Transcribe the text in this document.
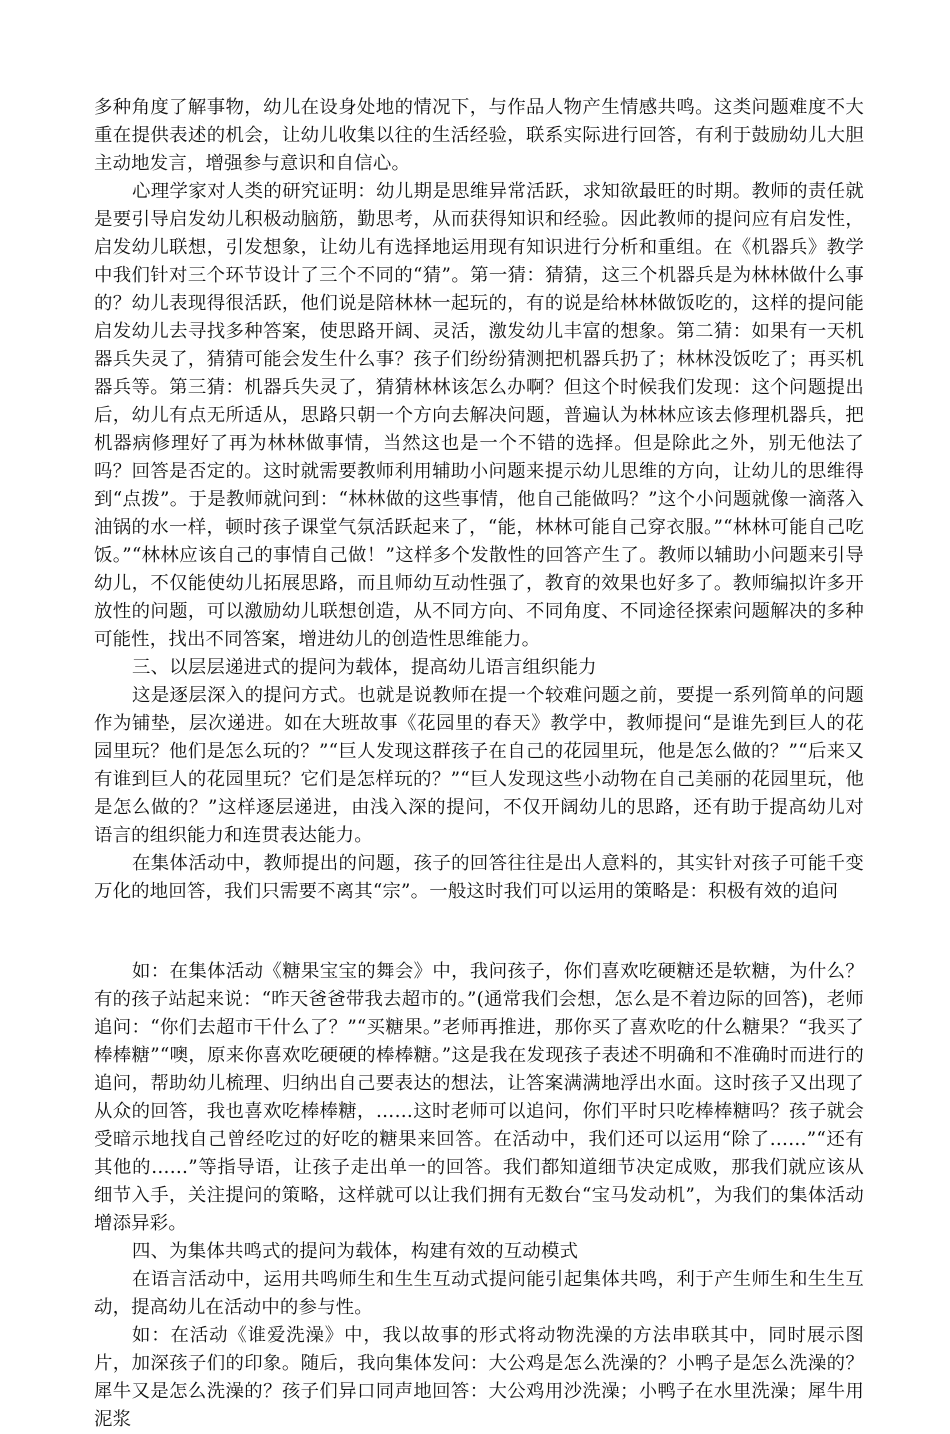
多种角度了解事物，幼儿在设身处地的情况下，与作品人物产生情感共鸣。这类问题难度不大重在提供表述的机会，让幼儿收集以往的生活经验，联系实际进行回答，有利于鼓励幼儿大胆主动地发言，增强参与意识和自信心。

心理学家对人类的研究证明：幼儿期是思维异常活跃，求知欲最旺的时期。教师的责任就是要引导启发幼儿积极动脑筋，勤思考，从而获得知识和经验。因此教师的提问应有启发性，启发幼儿联想，引发想象，让幼儿有选择地运用现有知识进行分析和重组。在《机器兵》教学中我们针对三个环节设计了三个不同的“猜”。第一猜：猜猜，这三个机器兵是为林林做什么事的？幼儿表现得很活跃，他们说是陪林林一起玩的，有的说是给林林做饭吃的，这样的提问能启发幼儿去寻找多种答案，使思路开阔、灵活，激发幼儿丰富的想象。第二猜：如果有一天机器兵失灵了，猜猜可能会发生什么事？孩子们纷纷猜测把机器兵扔了；林林没饭吃了；再买机器兵等。第三猜：机器兵失灵了，猜猜林林该怎么办啊？但这个时候我们发现：这个问题提出后，幼儿有点无所适从，思路只朝一个方向去解决问题，普遍认为林林应该去修理机器兵，把机器病修理好了再为林林做事情，当然这也是一个不错的选择。但是除此之外，别无他法了吗？回答是否定的。这时就需要教师利用辅助小问题来提示幼儿思维的方向，让幼儿的思维得到“点拨”。于是教师就问到：“林林做的这些事情，他自己能做吗？”这个小问题就像一滴落入油锅的水一样，顿时孩子课堂气氛活跃起来了，“能，林林可能自己穿衣服。”“林林可能自己吃饭。”“林林应该自己的事情自己做！”这样多个发散性的回答产生了。教师以辅助小问题来引导幼儿，不仅能使幼儿拓展思路，而且师幼互动性强了，教育的效果也好多了。教师编拟许多开放性的问题，可以激励幼儿联想创造，从不同方向、不同角度、不同途径探索问题解决的多种可能性，找出不同答案，增进幼儿的创造性思维能力。

三、以层层递进式的提问为载体，提高幼儿语言组织能力

这是逐层深入的提问方式。也就是说教师在提一个较难问题之前，要提一系列简单的问题作为铺垫，层次递进。如在大班故事《花园里的春天》教学中，教师提问“是谁先到巨人的花园里玩？他们是怎么玩的？”“巨人发现这群孩子在自己的花园里玩，他是怎么做的？”“后来又有谁到巨人的花园里玩？它们是怎样玩的？”“巨人发现这些小动物在自己美丽的花园里玩，他是怎么做的？”这样逐层递进，由浅入深的提问，不仅开阔幼儿的思路，还有助于提高幼儿对语言的组织能力和连贯表达能力。

在集体活动中，教师提出的问题，孩子的回答往往是出人意料的，其实针对孩子可能千变万化的地回答，我们只需要不离其“宗”。一般这时我们可以运用的策略是：积极有效的追问

如：在集体活动《糖果宝宝的舞会》中，我问孩子，你们喜欢吃硬糖还是软糖，为什么？有的孩子站起来说：“昨天爸爸带我去超市的。”(通常我们会想，怎么是不着边际的回答)，老师追问：“你们去超市干什么了？”“买糖果。”老师再推进，那你买了喜欢吃的什么糖果？“我买了棒棒糖”“噢，原来你喜欢吃硬硬的棒棒糖。”这是我在发现孩子表述不明确和不准确时而进行的追问，帮助幼儿梳理、归纳出自己要表达的想法，让答案满满地浮出水面。这时孩子又出现了从众的回答，我也喜欢吃棒棒糖，……这时老师可以追问，你们平时只吃棒棒糖吗？孩子就会受暗示地找自己曾经吃过的好吃的糖果来回答。在活动中，我们还可以运用“除了……”“还有其他的……”等指导语，让孩子走出单一的回答。我们都知道细节决定成败，那我们就应该从细节入手，关注提问的策略，这样就可以让我们拥有无数台“宝马发动机”，为我们的集体活动增添异彩。

四、为集体共鸣式的提问为载体，构建有效的互动模式

在语言活动中，运用共鸣师生和生生互动式提问能引起集体共鸣，利于产生师生和生生互动，提高幼儿在活动中的参与性。

如：在活动《谁爱洗澡》中，我以故事的形式将动物洗澡的方法串联其中，同时展示图片，加深孩子们的印象。随后，我向集体发问：大公鸡是怎么洗澡的？小鸭子是怎么洗澡的？犀牛又是怎么洗澡的？孩子们异口同声地回答：大公鸡用沙洗澡；小鸭子在水里洗澡；犀牛用泥浆
